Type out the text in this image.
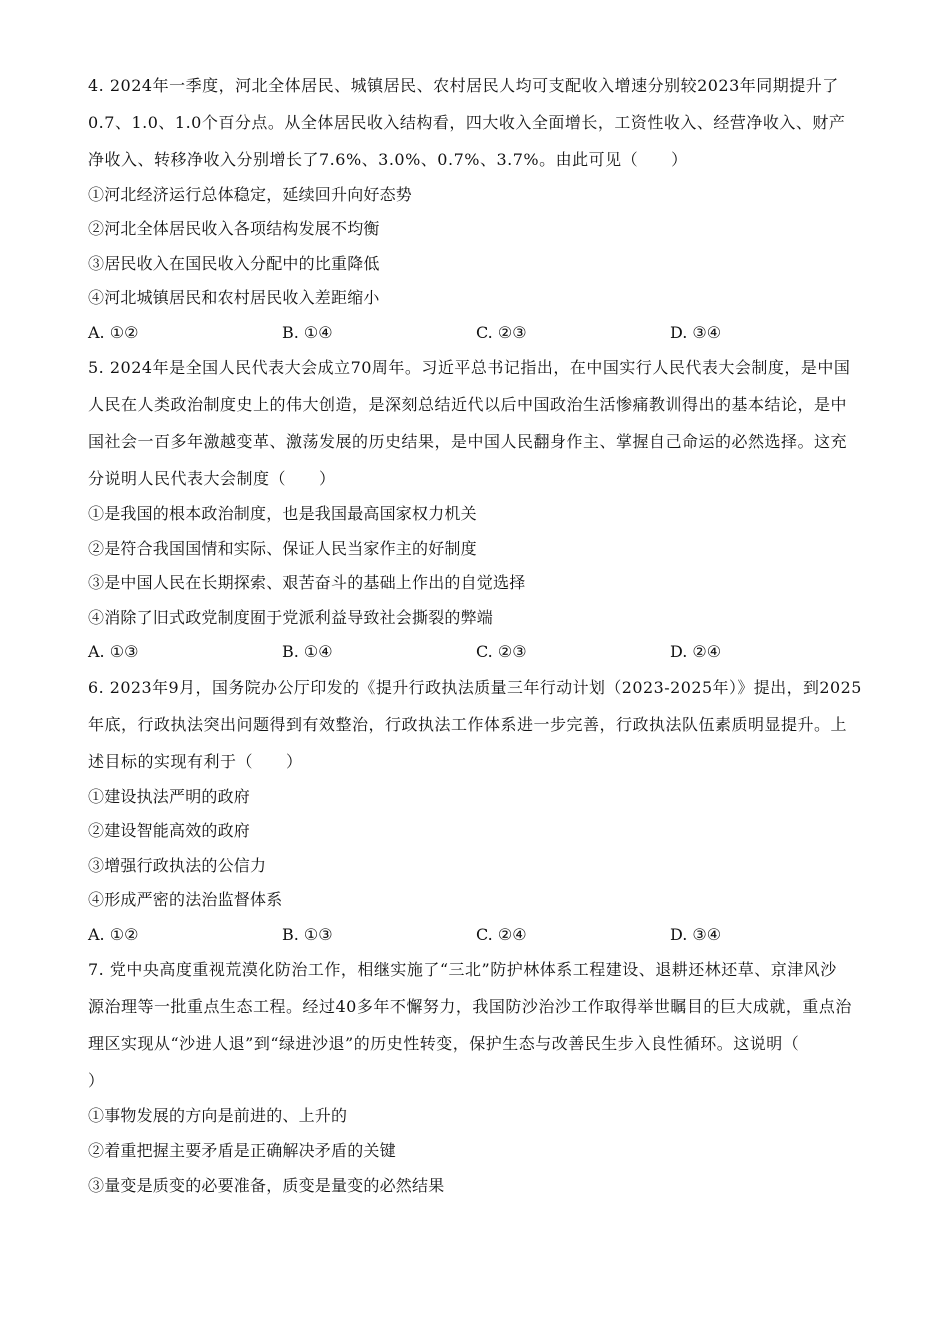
4. 2024年一季度，河北全体居民、城镇居民、农村居民人均可支配收入增速分别较2023年同期提升了
0.7、1.0、1.0个百分点。从全体居民收入结构看，四大收入全面增长，工资性收入、经营净收入、财产
净收入、转移净收入分别增长了7.6%、3.0%、0.7%、3.7%。由此可见（　　）
①河北经济运行总体稳定，延续回升向好态势
②河北全体居民收入各项结构发展不均衡
③居民收入在国民收入分配中的比重降低
④河北城镇居民和农村居民收入差距缩小
A. ①②	B. ①④	C. ②③	D. ③④
5. 2024年是全国人民代表大会成立70周年。习近平总书记指出，在中国实行人民代表大会制度，是中国
人民在人类政治制度史上的伟大创造，是深刻总结近代以后中国政治生活惨痛教训得出的基本结论，是中
国社会一百多年激越变革、激荡发展的历史结果，是中国人民翻身作主、掌握自己命运的必然选择。这充
分说明人民代表大会制度（　　）
①是我国的根本政治制度，也是我国最高国家权力机关
②是符合我国国情和实际、保证人民当家作主的好制度
③是中国人民在长期探索、艰苦奋斗的基础上作出的自觉选择
④消除了旧式政党制度囿于党派利益导致社会撕裂的弊端
A. ①③	B. ①④	C. ②③	D. ②④
6. 2023年9月，国务院办公厅印发的《提升行政执法质量三年行动计划（2023-2025年）》提出，到2025
年底，行政执法突出问题得到有效整治，行政执法工作体系进一步完善，行政执法队伍素质明显提升。上
述目标的实现有利于（　　）
①建设执法严明的政府
②建设智能高效的政府
③增强行政执法的公信力
④形成严密的法治监督体系
A. ①②	B. ①③	C. ②④	D. ③④
7. 党中央高度重视荒漠化防治工作，相继实施了“三北”防护林体系工程建设、退耕还林还草、京津风沙
源治理等一批重点生态工程。经过40多年不懈努力，我国防沙治沙工作取得举世瞩目的巨大成就，重点治
理区实现从“沙进人退”到“绿进沙退”的历史性转变，保护生态与改善民生步入良性循环。这说明（
）
①事物发展的方向是前进的、上升的
②着重把握主要矛盾是正确解决矛盾的关键
③量变是质变的必要准备，质变是量变的必然结果
